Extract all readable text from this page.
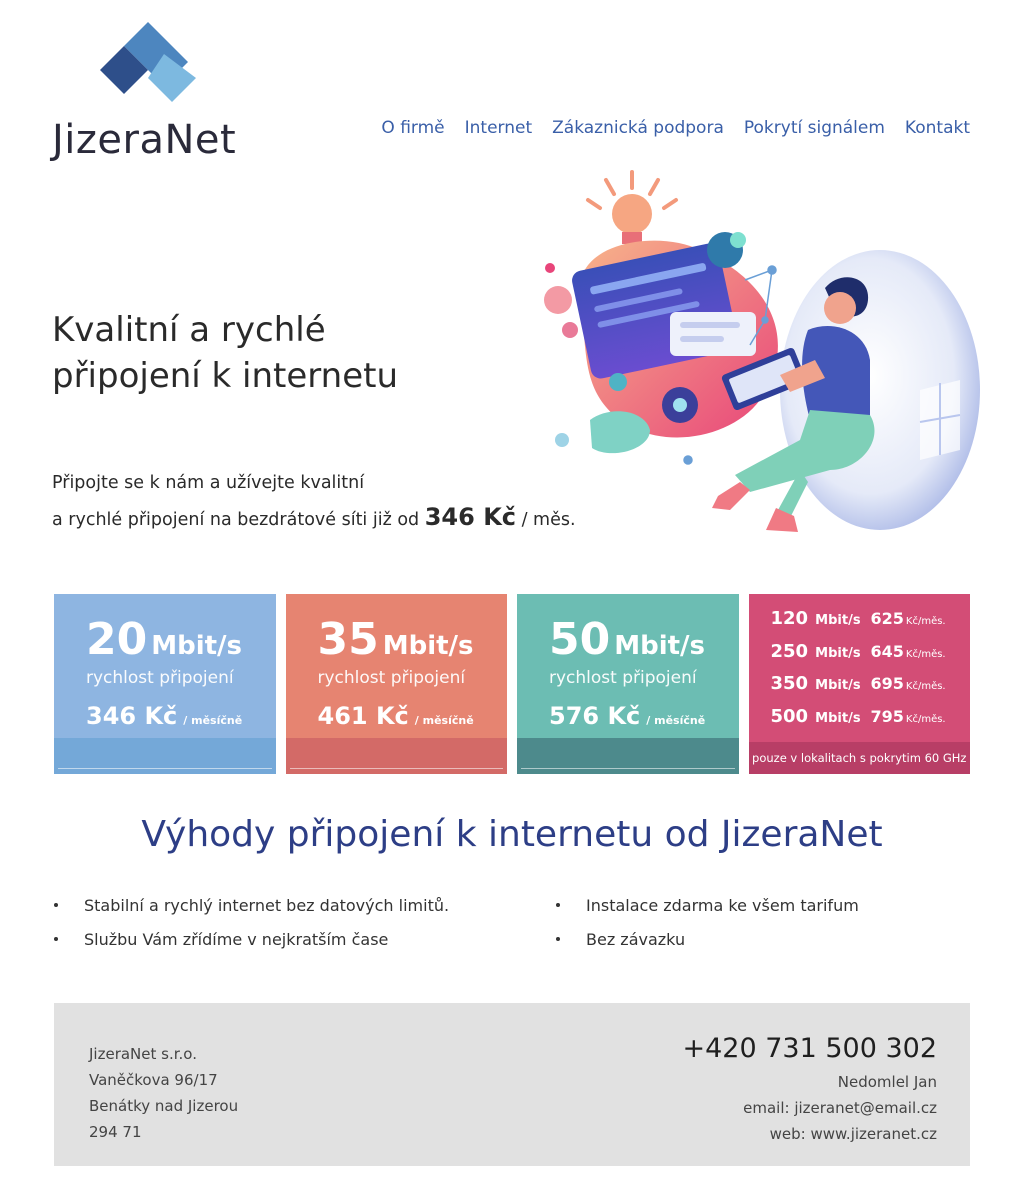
JizeraNet	O firmě Internet Zákaznická podpora Pokrytí signálem Kontakt
Kvalitní a rychlé
připojení k internetu

Připojte se k nám a užívejte kvalitní
a rychlé připojení na bezdrátové síti již od 346 Kč / měs.

20 Mbit/s
rychlost připojení
346 Kč / měsíčně
35 Mbit/s
rychlost připojení
461 Kč / měsíčně
50 Mbit/s
rychlost připojení
576 Kč / měsíčně
120 Mbit/s 625 Kč/měs.
250 Mbit/s 645 Kč/měs.
350 Mbit/s 695 Kč/měs.
500 Mbit/s 795 Kč/měs.
pouze v lokalitach s pokrytim 60 GHz
Výhody připojení k internetu od JizeraNet
Stabilní a rychlý internet bez datových limitů.
Službu Vám zřídíme v nejkratším čase
Instalace zdarma ke všem tarifum
Bez závazku
JizeraNet s.r.o.
Vaněčkova 96/17
Benátky nad Jizerou
294 71
+420 731 500 302
Nedomlel Jan
email: jizeranet@email.cz
web: www.jizeranet.cz
